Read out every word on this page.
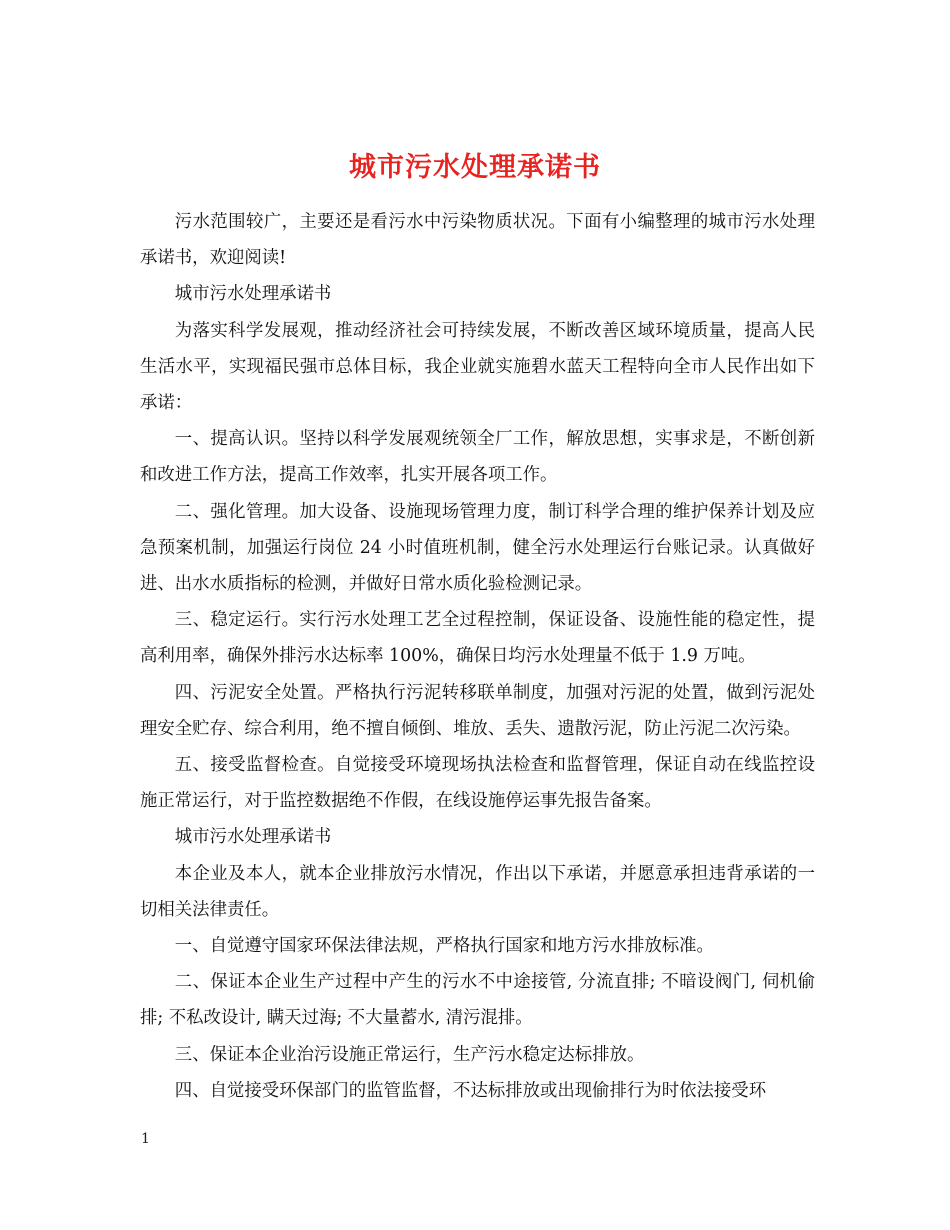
城市污水处理承诺书

污水范围较广，主要还是看污水中污染物质状况。下面有小编整理的城市污水处理承诺书，欢迎阅读!

城市污水处理承诺书

为落实科学发展观，推动经济社会可持续发展，不断改善区域环境质量，提高人民生活水平，实现福民强市总体目标，我企业就实施碧水蓝天工程特向全市人民作出如下承诺：

一、提高认识。坚持以科学发展观统领全厂工作，解放思想，实事求是，不断创新和改进工作方法，提高工作效率，扎实开展各项工作。

二、强化管理。加大设备、设施现场管理力度，制订科学合理的维护保养计划及应急预案机制，加强运行岗位 24 小时值班机制，健全污水处理运行台账记录。认真做好进、出水水质指标的检测，并做好日常水质化验检测记录。

三、稳定运行。实行污水处理工艺全过程控制，保证设备、设施性能的稳定性，提高利用率，确保外排污水达标率 100%，确保日均污水处理量不低于 1.9 万吨。

四、污泥安全处置。严格执行污泥转移联单制度，加强对污泥的处置，做到污泥处理安全贮存、综合利用，绝不擅自倾倒、堆放、丢失、遗散污泥，防止污泥二次污染。

五、接受监督检查。自觉接受环境现场执法检查和监督管理，保证自动在线监控设施正常运行，对于监控数据绝不作假，在线设施停运事先报告备案。

城市污水处理承诺书

本企业及本人，就本企业排放污水情况，作出以下承诺，并愿意承担违背承诺的一切相关法律责任。

一、自觉遵守国家环保法律法规，严格执行国家和地方污水排放标准。

二、保证本企业生产过程中产生的污水不中途接管, 分流直排; 不暗设阀门, 伺机偷排; 不私改设计, 瞒天过海; 不大量蓄水, 清污混排。

三、保证本企业治污设施正常运行，生产污水稳定达标排放。

四、自觉接受环保部门的监管监督，不达标排放或出现偷排行为时依法接受环

1
